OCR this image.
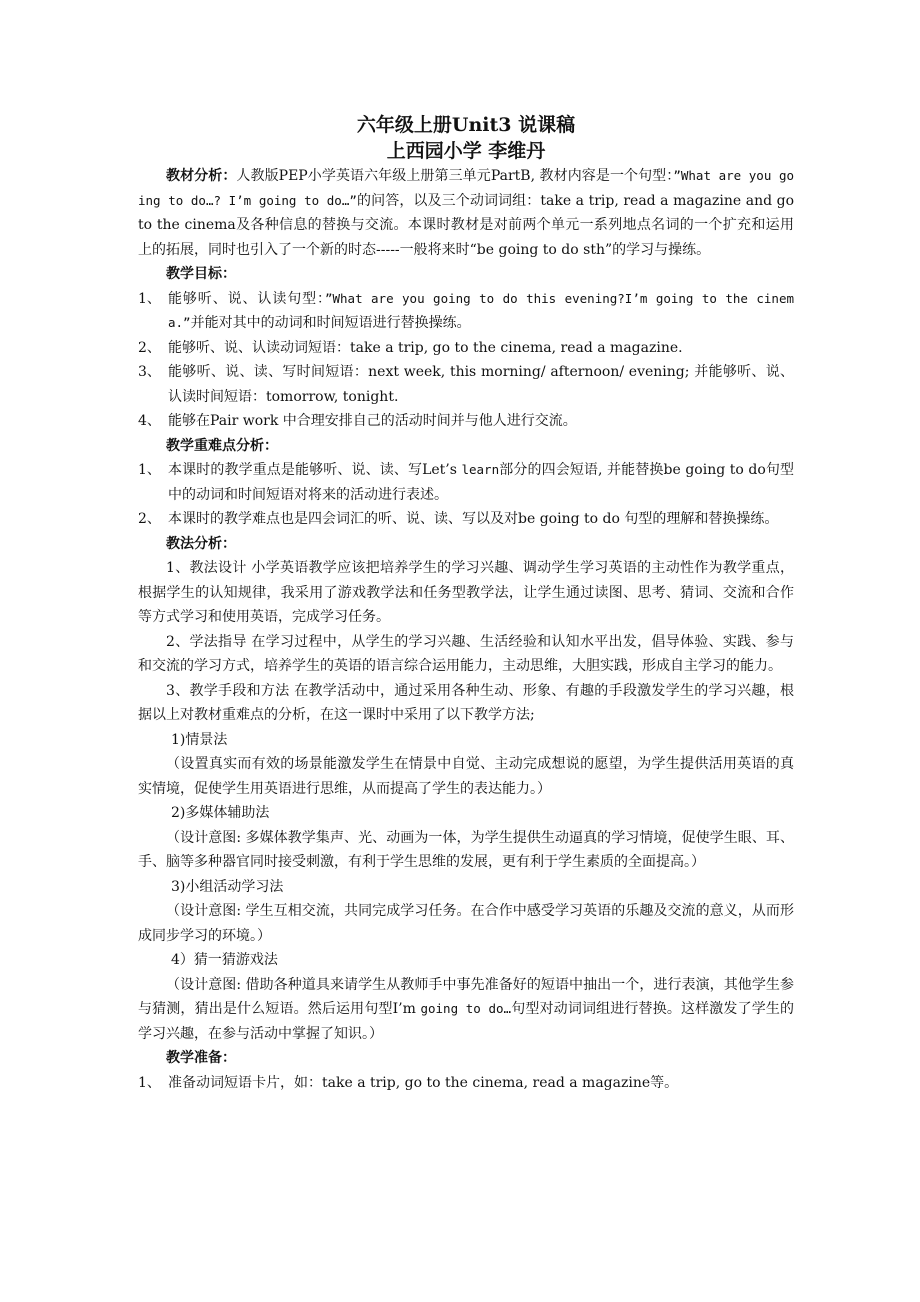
六年级上册Unit3 说课稿

上西园小学 李维丹

教材分析：人教版PEP小学英语六年级上册第三单元PartB, 教材内容是一个句型：”What are you going to do…? I’m going to do…”的问答，以及三个动词词组：take a trip, read a magazine and go to the cinema及各种信息的替换与交流。本课时教材是对前两个单元一系列地点名词的一个扩充和运用上的拓展，同时也引入了一个新的时态-----一般将来时“be going to do sth”的学习与操练。

教学目标：

1、 能够听、说、认读句型：”What are you going to do this evening?I’m going to the cinema.”并能对其中的动词和时间短语进行替换操练。
2、 能够听、说、认读动词短语：take a trip, go to the cinema, read a magazine.
3、 能够听、说、读、写时间短语：next week, this morning/ afternoon/ evening; 并能够听、说、认读时间短语：tomorrow, tonight.
4、 能够在Pair work 中合理安排自己的活动时间并与他人进行交流。

教学重难点分析：

1、 本课时的教学重点是能够听、说、读、写Let’s learn部分的四会短语, 并能替换be going to do句型中的动词和时间短语对将来的活动进行表述。
2、 本课时的教学难点也是四会词汇的听、说、读、写以及对be going to do 句型的理解和替换操练。

教法分析：

1、教法设计 小学英语教学应该把培养学生的学习兴趣、调动学生学习英语的主动性作为教学重点，根据学生的认知规律，我采用了游戏教学法和任务型教学法，让学生通过读图、思考、猜词、交流和合作等方式学习和使用英语，完成学习任务。

2、学法指导 在学习过程中，从学生的学习兴趣、生活经验和认知水平出发，倡导体验、实践、参与和交流的学习方式，培养学生的英语的语言综合运用能力，主动思维，大胆实践，形成自主学习的能力。

3、教学手段和方法 在教学活动中，通过采用各种生动、形象、有趣的手段激发学生的学习兴趣，根据以上对教材重难点的分析，在这一课时中采用了以下教学方法;

1)情景法

（设置真实而有效的场景能激发学生在情景中自觉、主动完成想说的愿望，为学生提供活用英语的真实情境，促使学生用英语进行思维，从而提高了学生的表达能力。）

2)多媒体辅助法

（设计意图: 多媒体教学集声、光、动画为一体，为学生提供生动逼真的学习情境，促使学生眼、耳、手、脑等多种器官同时接受刺激，有利于学生思维的发展，更有利于学生素质的全面提高。）

3)小组活动学习法

（设计意图: 学生互相交流，共同完成学习任务。在合作中感受学习英语的乐趣及交流的意义，从而形成同步学习的环境。）

4）猜一猜游戏法

（设计意图: 借助各种道具来请学生从教师手中事先准备好的短语中抽出一个，进行表演，其他学生参与猜测，猜出是什么短语。然后运用句型I’m going to do…句型对动词词组进行替换。这样激发了学生的学习兴趣，在参与活动中掌握了知识。）

教学准备：

1、 准备动词短语卡片，如：take a trip, go to the cinema, read a magazine等。
